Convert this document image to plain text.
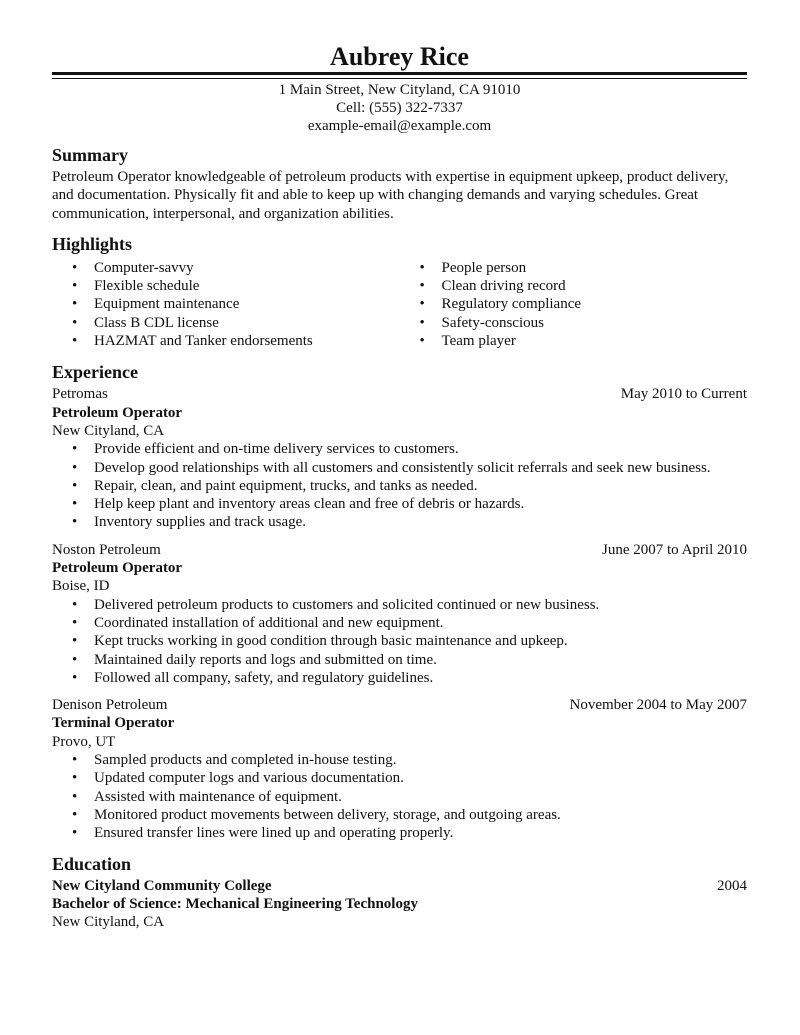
Aubrey Rice
1 Main Street, New Cityland, CA 91010
Cell: (555) 322-7337
example-email@example.com
Summary

Petroleum Operator knowledgeable of petroleum products with expertise in equipment upkeep, product delivery, and documentation. Physically fit and able to keep up with changing demands and varying schedules. Great communication, interpersonal, and organization abilities.

Highlights
• Computer-savvy
• Flexible schedule
• Equipment maintenance
• Class B CDL license
• HAZMAT and Tanker endorsements
• People person
• Clean driving record
• Regulatory compliance
• Safety-conscious
• Team player
Experience
Petromas	May 2010 to Current
Petroleum Operator
New Cityland, CA
• Provide efficient and on-time delivery services to customers.
• Develop good relationships with all customers and consistently solicit referrals and seek new business.
• Repair, clean, and paint equipment, trucks, and tanks as needed.
• Help keep plant and inventory areas clean and free of debris or hazards.
• Inventory supplies and track usage.
Noston Petroleum	June 2007 to April 2010
Petroleum Operator
Boise, ID
• Delivered petroleum products to customers and solicited continued or new business.
• Coordinated installation of additional and new equipment.
• Kept trucks working in good condition through basic maintenance and upkeep.
• Maintained daily reports and logs and submitted on time.
• Followed all company, safety, and regulatory guidelines.
Denison Petroleum	November 2004 to May 2007
Terminal Operator
Provo, UT
• Sampled products and completed in-house testing.
• Updated computer logs and various documentation.
• Assisted with maintenance of equipment.
• Monitored product movements between delivery, storage, and outgoing areas.
• Ensured transfer lines were lined up and operating properly.
Education
New Cityland Community College	2004
Bachelor of Science: Mechanical Engineering Technology
New Cityland, CA
